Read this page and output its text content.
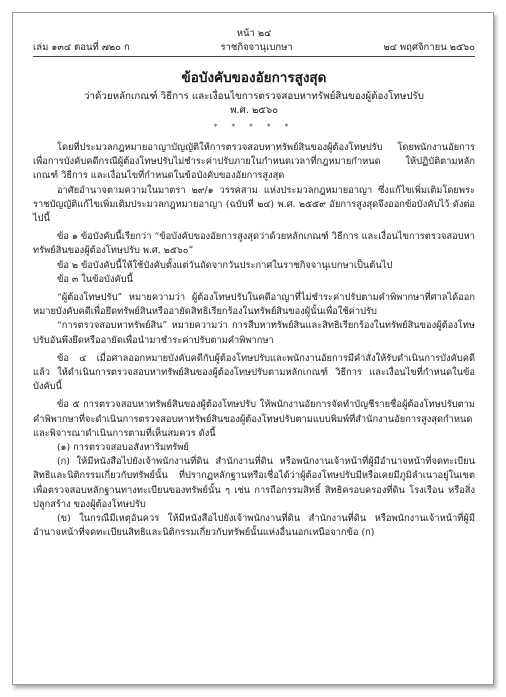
หน้า ๒๔
เล่ม ๑๓๔ ตอนที่ ๗๒๐ ก	ราชกิจจานุเบกษา	๒๔ พฤศจิกายน ๒๕๖๐
ข้อบังคับของอัยการสูงสุด
ว่าด้วยหลักเกณฑ์ วิธีการ และเงื่อนไขการตรวจสอบหาทรัพย์สินของผู้ต้องโทษปรับ
พ.ศ. ๒๕๖๐
* * * * *

โดยที่ประมวลกฎหมายอาญาบัญญัติให้การตรวจสอบหาทรัพย์สินของผู้ต้องโทษปรับ โดยพนักงานอัยการเพื่อการบังคับคดีกรณีผู้ต้องโทษปรับไม่ชำระค่าปรับภายในกำหนดเวลาที่กฎหมายกำหนด ให้ปฏิบัติตามหลักเกณฑ์ วิธีการ และเงื่อนไขที่กำหนดในข้อบังคับของอัยการสูงสุด

อาศัยอำนาจตามความในมาตรา ๒๙/๑ วรรคสาม แห่งประมวลกฎหมายอาญา ซึ่งแก้ไขเพิ่มเติมโดยพระราชบัญญัติแก้ไขเพิ่มเติมประมวลกฎหมายอาญา (ฉบับที่ ๒๔) พ.ศ. ๒๕๕๙ อัยการสูงสุดจึงออกข้อบังคับไว้ ดังต่อไปนี้

ข้อ ๑ ข้อบังคับนี้เรียกว่า “ข้อบังคับของอัยการสูงสุดว่าด้วยหลักเกณฑ์ วิธีการ และเงื่อนไขการตรวจสอบหาทรัพย์สินของผู้ต้องโทษปรับ พ.ศ. ๒๕๖๐”

ข้อ ๒ ข้อบังคับนี้ให้ใช้บังคับตั้งแต่วันถัดจากวันประกาศในราชกิจจานุเบกษาเป็นต้นไป

ข้อ ๓ ในข้อบังคับนี้

“ผู้ต้องโทษปรับ” หมายความว่า ผู้ต้องโทษปรับในคดีอาญาที่ไม่ชำระค่าปรับตามคำพิพากษาที่ศาลได้ออกหมายบังคับคดีเพื่อยึดทรัพย์สินหรืออายัดสิทธิเรียกร้องในทรัพย์สินของผู้นั้นเพื่อใช้ค่าปรับ

“การตรวจสอบหาทรัพย์สิน” หมายความว่า การสืบหาทรัพย์สินและสิทธิเรียกร้องในทรัพย์สินของผู้ต้องโทษปรับอันพึงยึดหรืออายัดเพื่อนำมาชำระค่าปรับตามคำพิพากษา

ข้อ ๔ เมื่อศาลออกหมายบังคับคดีกับผู้ต้องโทษปรับและพนักงานอัยการมีคำสั่งให้รับดำเนินการบังคับคดีแล้ว ให้ดำเนินการตรวจสอบหาทรัพย์สินของผู้ต้องโทษปรับตามหลักเกณฑ์ วิธีการ และเงื่อนไขที่กำหนดในข้อบังคับนี้

ข้อ ๕ การตรวจสอบหาทรัพย์สินของผู้ต้องโทษปรับ ให้พนักงานอัยการจัดทำบัญชีรายชื่อผู้ต้องโทษปรับตามคำพิพากษาที่จะดำเนินการตรวจสอบหาทรัพย์สินของผู้ต้องโทษปรับตามแบบพิมพ์ที่สำนักงานอัยการสูงสุดกำหนด และพิจารณาดำเนินการตามที่เห็นสมควร ดังนี้

(๑) การตรวจสอบอสังหาริมทรัพย์

(ก) ให้มีหนังสือไปยังเจ้าพนักงานที่ดิน สำนักงานที่ดิน หรือพนักงานเจ้าหน้าที่ผู้มีอำนาจหน้าที่จดทะเบียนสิทธิและนิติกรรมเกี่ยวกับทรัพย์นั้น ที่ปรากฏหลักฐานหรือเชื่อได้ว่าผู้ต้องโทษปรับมีหรือเคยมีภูมิลำเนาอยู่ในเขตเพื่อตรวจสอบหลักฐานทางทะเบียนของทรัพย์นั้น ๆ เช่น การถือกรรมสิทธิ์ สิทธิครอบครองที่ดิน โรงเรือน หรือสิ่งปลูกสร้าง ของผู้ต้องโทษปรับ

(ข) ในกรณีมีเหตุอันควร ให้มีหนังสือไปยังเจ้าพนักงานที่ดิน สำนักงานที่ดิน หรือพนักงานเจ้าหน้าที่ผู้มีอำนาจหน้าที่จดทะเบียนสิทธิและนิติกรรมเกี่ยวกับทรัพย์นั้นแห่งอื่นนอกเหนือจากข้อ (ก)
